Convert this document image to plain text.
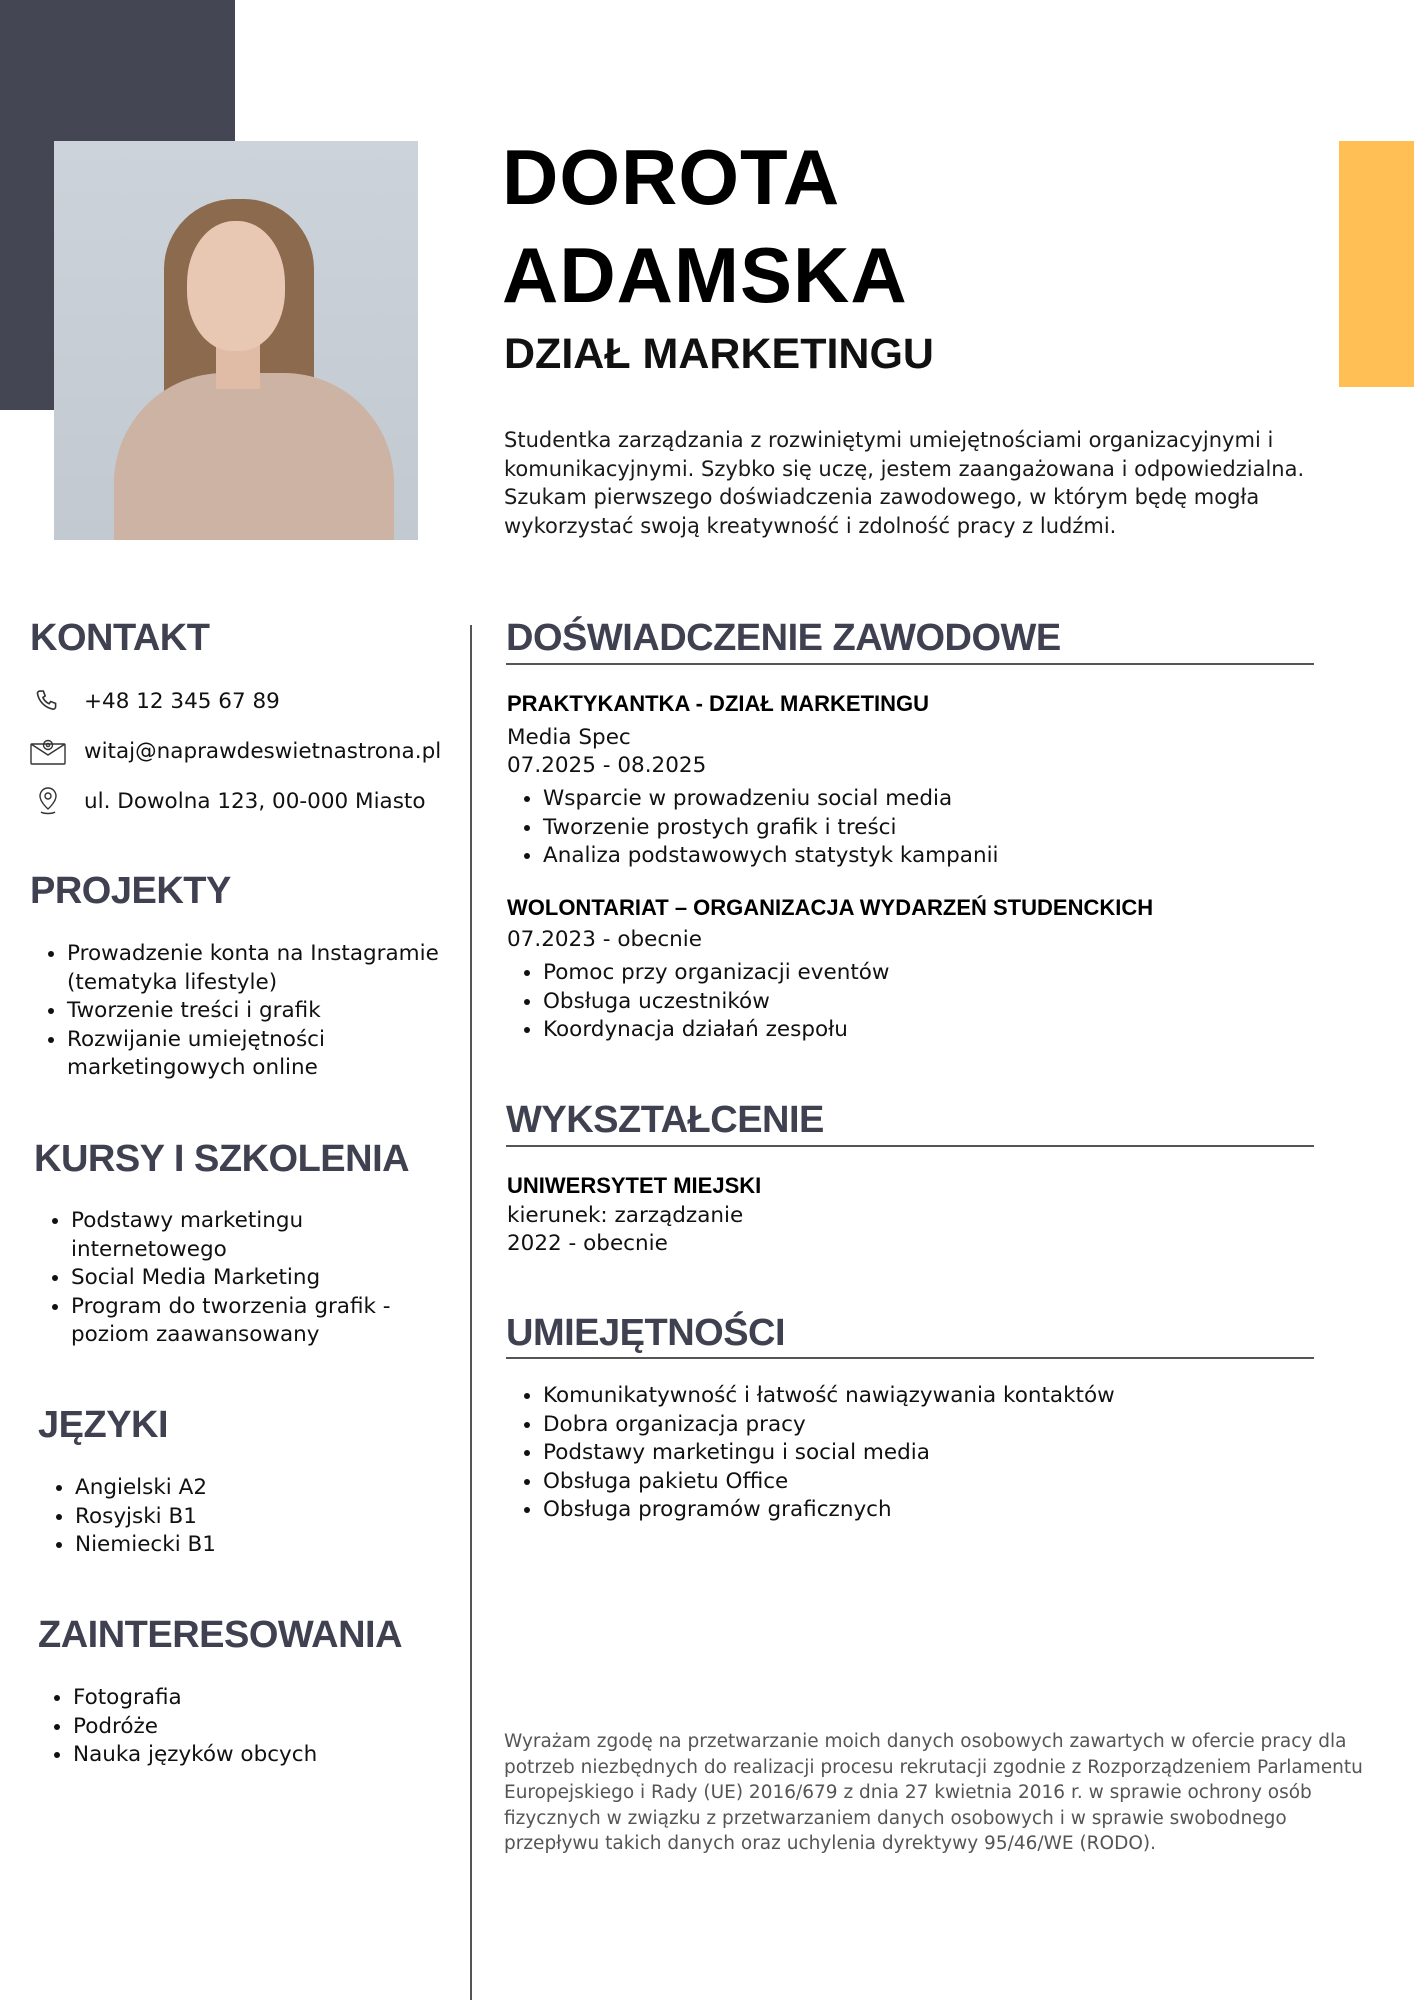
DOROTA
ADAMSKA
DZIAŁ MARKETINGU

Studentka zarządzania z rozwiniętymi umiejętnościami organizacyjnymi i komunikacyjnymi. Szybko się uczę, jestem zaangażowana i odpowiedzialna. Szukam pierwszego doświadczenia zawodowego, w którym będę mogła wykorzystać swoją kreatywność i zdolność pracy z ludźmi.

KONTAKT
+48 12 345 67 89
witaj@naprawdeswietnastrona.pl
ul. Dowolna 123, 00-000 Miasto
PROJEKTY
• Prowadzenie konta na Instagramie (tematyka lifestyle)
• Tworzenie treści i grafik
• Rozwijanie umiejętności marketingowych online
KURSY I SZKOLENIA
• Podstawy marketingu internetowego
• Social Media Marketing
• Program do tworzenia grafik - poziom zaawansowany
JĘZYKI
• Angielski A2
• Rosyjski B1
• Niemiecki B1
ZAINTERESOWANIA
• Fotografia
• Podróże
• Nauka języków obcych
DOŚWIADCZENIE ZAWODOWE
PRAKTYKANTKA - DZIAŁ MARKETINGU

Media Spec

07.2025 - 08.2025

• Wsparcie w prowadzeniu social media
• Tworzenie prostych grafik i treści
• Analiza podstawowych statystyk kampanii
WOLONTARIAT – ORGANIZACJA WYDARZEŃ STUDENCKICH

07.2023 - obecnie

• Pomoc przy organizacji eventów
• Obsługa uczestników
• Koordynacja działań zespołu
WYKSZTAŁCENIE
UNIWERSYTET MIEJSKI

kierunek: zarządzanie

2022 - obecnie

UMIEJĘTNOŚCI
• Komunikatywność i łatwość nawiązywania kontaktów
• Dobra organizacja pracy
• Podstawy marketingu i social media
• Obsługa pakietu Office
• Obsługa programów graficznych

Wyrażam zgodę na przetwarzanie moich danych osobowych zawartych w ofercie pracy dla potrzeb niezbędnych do realizacji procesu rekrutacji zgodnie z Rozporządzeniem Parlamentu Europejskiego i Rady (UE) 2016/679 z dnia 27 kwietnia 2016 r. w sprawie ochrony osób fizycznych w związku z przetwarzaniem danych osobowych i w sprawie swobodnego przepływu takich danych oraz uchylenia dyrektywy 95/46/WE (RODO).
